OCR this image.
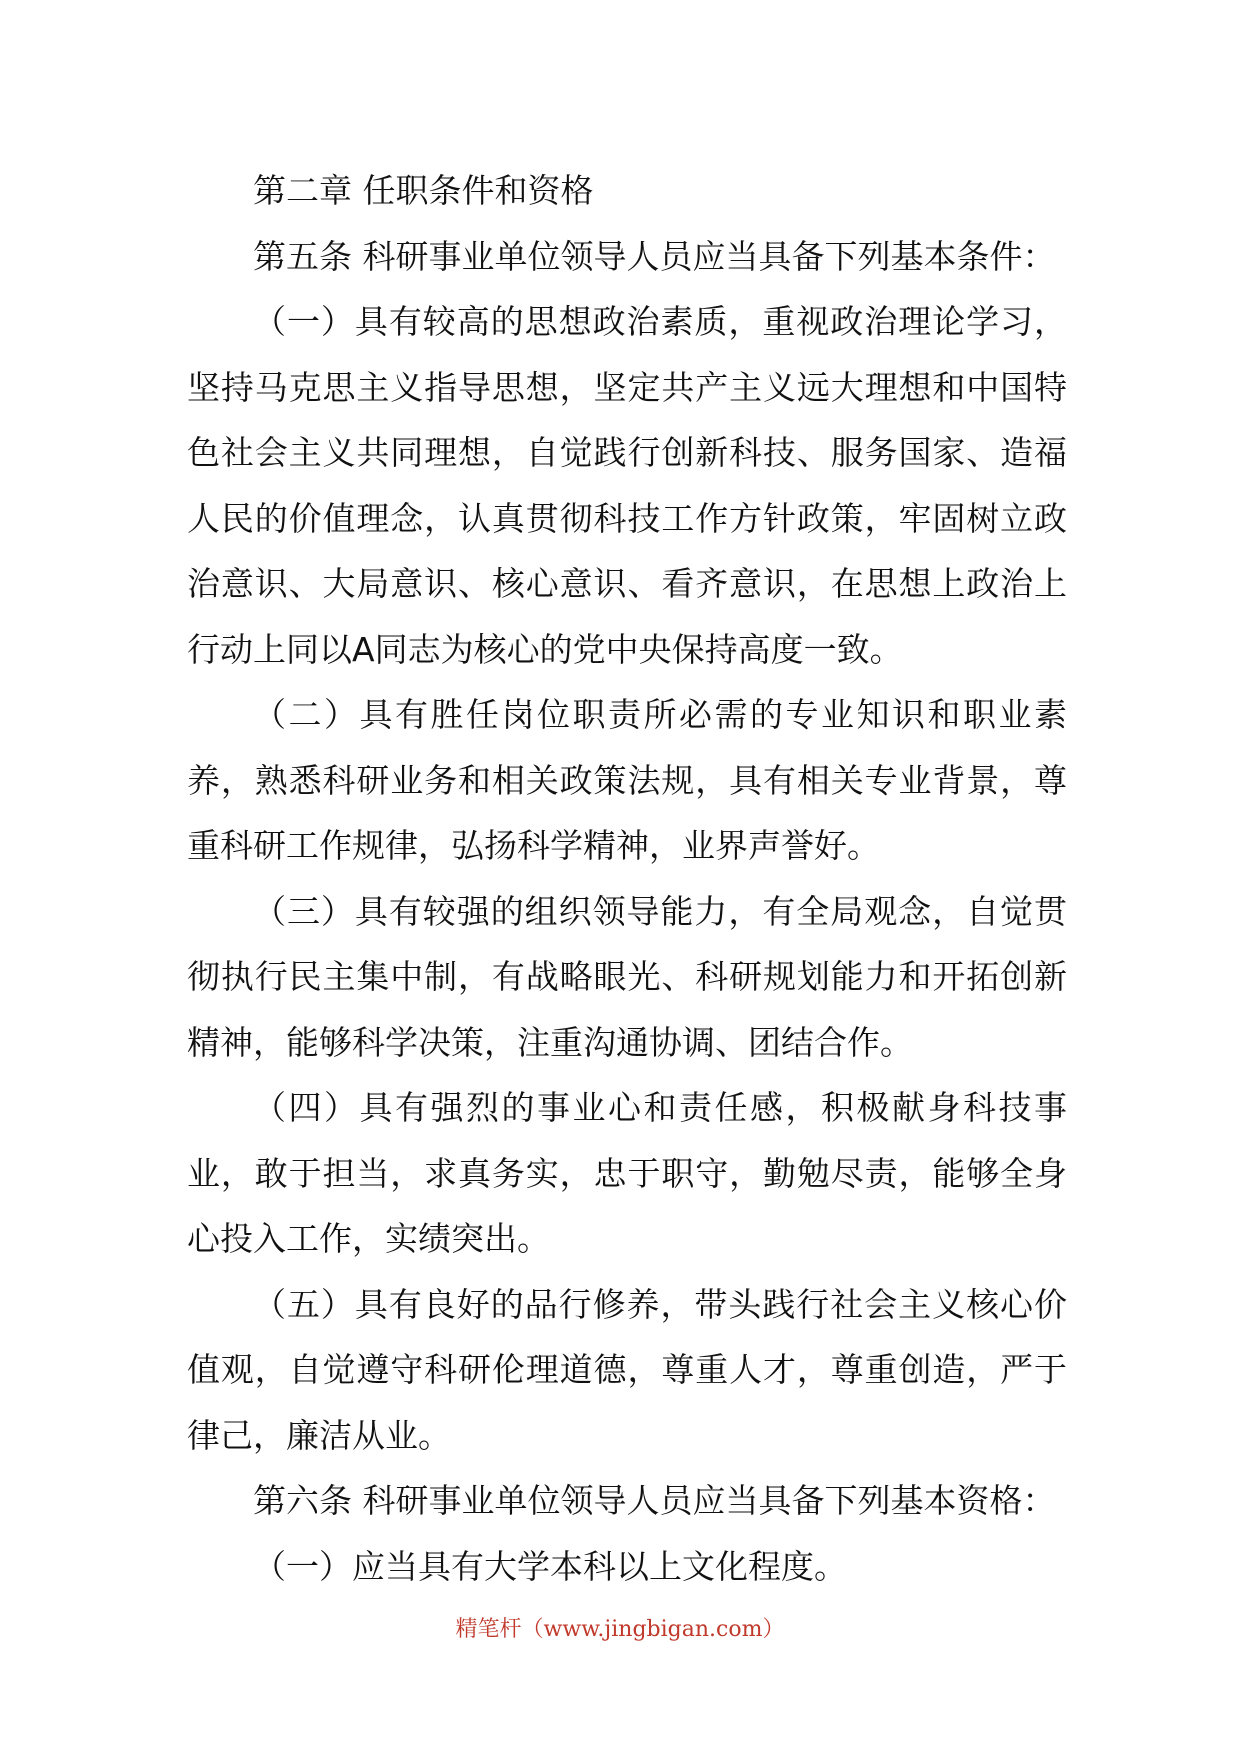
第二章 任职条件和资格

第五条 科研事业单位领导人员应当具备下列基本条件：

（一）具有较高的思想政治素质，重视政治理论学习，坚持马克思主义指导思想，坚定共产主义远大理想和中国特色社会主义共同理想，自觉践行创新科技、服务国家、造福人民的价值理念，认真贯彻科技工作方针政策，牢固树立政治意识、大局意识、核心意识、看齐意识，在思想上政治上行动上同以A同志为核心的党中央保持高度一致。

（二）具有胜任岗位职责所必需的专业知识和职业素养，熟悉科研业务和相关政策法规，具有相关专业背景，尊重科研工作规律，弘扬科学精神，业界声誉好。

（三）具有较强的组织领导能力，有全局观念，自觉贯彻执行民主集中制，有战略眼光、科研规划能力和开拓创新精神，能够科学决策，注重沟通协调、团结合作。

（四）具有强烈的事业心和责任感，积极献身科技事业，敢于担当，求真务实，忠于职守，勤勉尽责，能够全身心投入工作，实绩突出。

（五）具有良好的品行修养，带头践行社会主义核心价值观，自觉遵守科研伦理道德，尊重人才，尊重创造，严于律己，廉洁从业。

第六条 科研事业单位领导人员应当具备下列基本资格：

（一）应当具有大学本科以上文化程度。

精笔杆（www.jingbigan.com）
